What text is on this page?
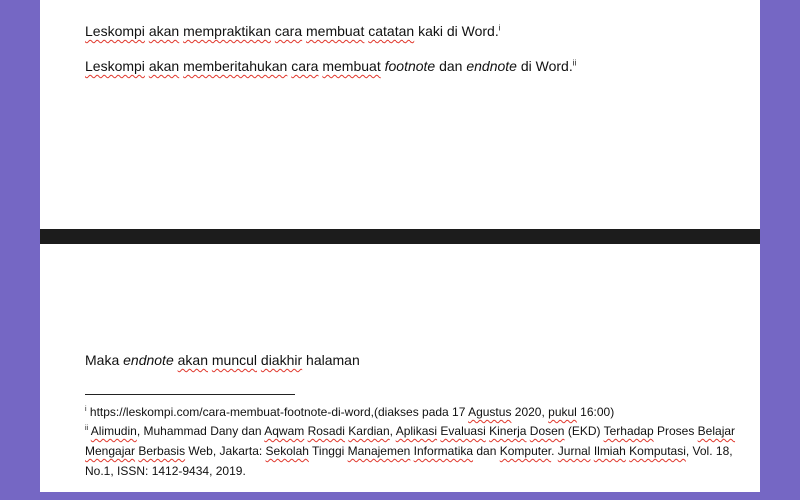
Leskompi akan mempraktikan cara membuat catatan kaki di Word.$^i$
Leskompi akan memberitahukan cara membuat footnote dan endnote di Word.$^{ii}$
Maka endnote akan muncul diakhir halaman
$^i$ https://leskompi.com/cara-membuat-footnote-di-word,(diakses pada 17 Agustus 2020, pukul 16:00)
$^{ii}$ Alimudin, Muhammad Dany dan Aqwam Rosadi Kardian, Aplikasi Evaluasi Kinerja Dosen (EKD) Terhadap Proses Belajar Mengajar Berbasis Web, Jakarta: Sekolah Tinggi Manajemen Informatika dan Komputer. Jurnal Ilmiah Komputasi, Vol. 18, No.1, ISSN: 1412-9434, 2019.
